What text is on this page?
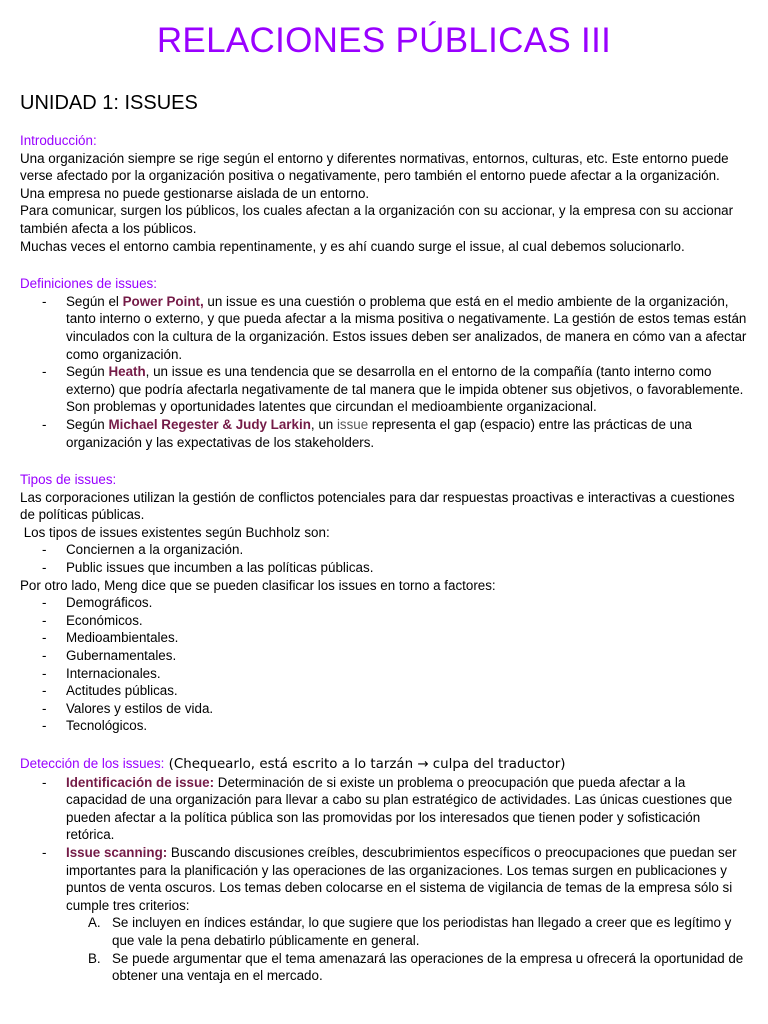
RELACIONES PÚBLICAS III
UNIDAD 1: ISSUES
Introducción:
Una organización siempre se rige según el entorno y diferentes normativas, entornos, culturas, etc. Este entorno puede verse afectado por la organización positiva o negativamente, pero también el entorno puede afectar a la organización. Una empresa no puede gestionarse aislada de un entorno.
Para comunicar, surgen los públicos, los cuales afectan a la organización con su accionar, y la empresa con su accionar también afecta a los públicos.
Muchas veces el entorno cambia repentinamente, y es ahí cuando surge el issue, al cual debemos solucionarlo.
Definiciones de issues:
- Según el Power Point, un issue es una cuestión o problema que está en el medio ambiente de la organización, tanto interno o externo, y que pueda afectar a la misma positiva o negativamente. La gestión de estos temas están vinculados con la cultura de la organización. Estos issues deben ser analizados, de manera en cómo van a afectar como organización.
- Según Heath, un issue es una tendencia que se desarrolla en el entorno de la compañía (tanto interno como externo) que podría afectarla negativamente de tal manera que le impida obtener sus objetivos, o favorablemente. Son problemas y oportunidades latentes que circundan el medioambiente organizacional.
- Según Michael Regester & Judy Larkin, un issue representa el gap (espacio) entre las prácticas de una organización y las expectativas de los stakeholders.
Tipos de issues:
Las corporaciones utilizan la gestión de conflictos potenciales para dar respuestas proactivas e interactivas a cuestiones de políticas públicas.
Los tipos de issues existentes según Buchholz son:
- Conciernen a la organización.
- Public issues que incumben a las políticas públicas.
Por otro lado, Meng dice que se pueden clasificar los issues en torno a factores:
- Demográficos.
- Económicos.
- Medioambientales.
- Gubernamentales.
- Internacionales.
- Actitudes públicas.
- Valores y estilos de vida.
- Tecnológicos.
Detección de los issues: (Chequearlo, está escrito a lo tarzán → culpa del traductor)
- Identificación de issue: Determinación de si existe un problema o preocupación que pueda afectar a la capacidad de una organización para llevar a cabo su plan estratégico de actividades. Las únicas cuestiones que pueden afectar a la política pública son las promovidas por los interesados que tienen poder y sofisticación retórica.
- Issue scanning: Buscando discusiones creíbles, descubrimientos específicos o preocupaciones que puedan ser importantes para la planificación y las operaciones de las organizaciones. Los temas surgen en publicaciones y puntos de venta oscuros. Los temas deben colocarse en el sistema de vigilancia de temas de la empresa sólo si cumple tres criterios:
A. Se incluyen en índices estándar, lo que sugiere que los periodistas han llegado a creer que es legítimo y que vale la pena debatirlo públicamente en general.
B. Se puede argumentar que el tema amenazará las operaciones de la empresa u ofrecerá la oportunidad de obtener una ventaja en el mercado.
